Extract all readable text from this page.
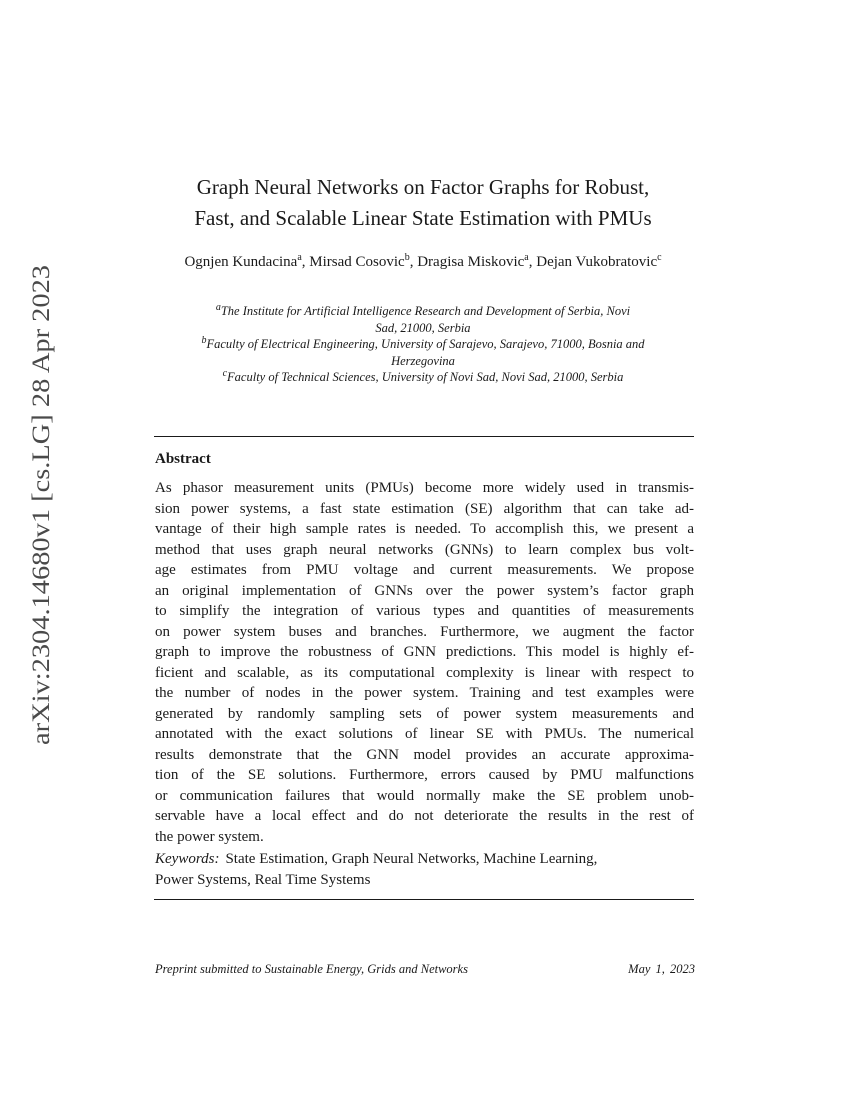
arXiv:2304.14680v1 [cs.LG] 28 Apr 2023
Graph Neural Networks on Factor Graphs for Robust,
Fast, and Scalable Linear State Estimation with PMUs
Ognjen Kundacina$^a$, Mirsad Cosovic$^b$, Dragisa Miskovic$^a$, Dejan Vukobratovic$^c$
$^a$The Institute for Artificial Intelligence Research and Development of Serbia, Novi
Sad, 21000, Serbia
$^b$Faculty of Electrical Engineering, University of Sarajevo, Sarajevo, 71000, Bosnia and
Herzegovina
$^c$Faculty of Technical Sciences, University of Novi Sad, Novi Sad, 21000, Serbia
Abstract
As phasor measurement units (PMUs) become more widely used in transmis-
sion power systems, a fast state estimation (SE) algorithm that can take ad-
vantage of their high sample rates is needed. To accomplish this, we present a
method that uses graph neural networks (GNNs) to learn complex bus volt-
age estimates from PMU voltage and current measurements. We propose
an original implementation of GNNs over the power system’s factor graph
to simplify the integration of various types and quantities of measurements
on power system buses and branches. Furthermore, we augment the factor
graph to improve the robustness of GNN predictions. This model is highly ef-
ficient and scalable, as its computational complexity is linear with respect to
the number of nodes in the power system. Training and test examples were
generated by randomly sampling sets of power system measurements and
annotated with the exact solutions of linear SE with PMUs. The numerical
results demonstrate that the GNN model provides an accurate approxima-
tion of the SE solutions. Furthermore, errors caused by PMU malfunctions
or communication failures that would normally make the SE problem unob-
servable have a local effect and do not deteriorate the results in the rest of
the power system.
Keywords: State Estimation, Graph Neural Networks, Machine Learning,
Power Systems, Real Time Systems
Preprint submitted to Sustainable Energy, Grids and Networks	May 1, 2023
